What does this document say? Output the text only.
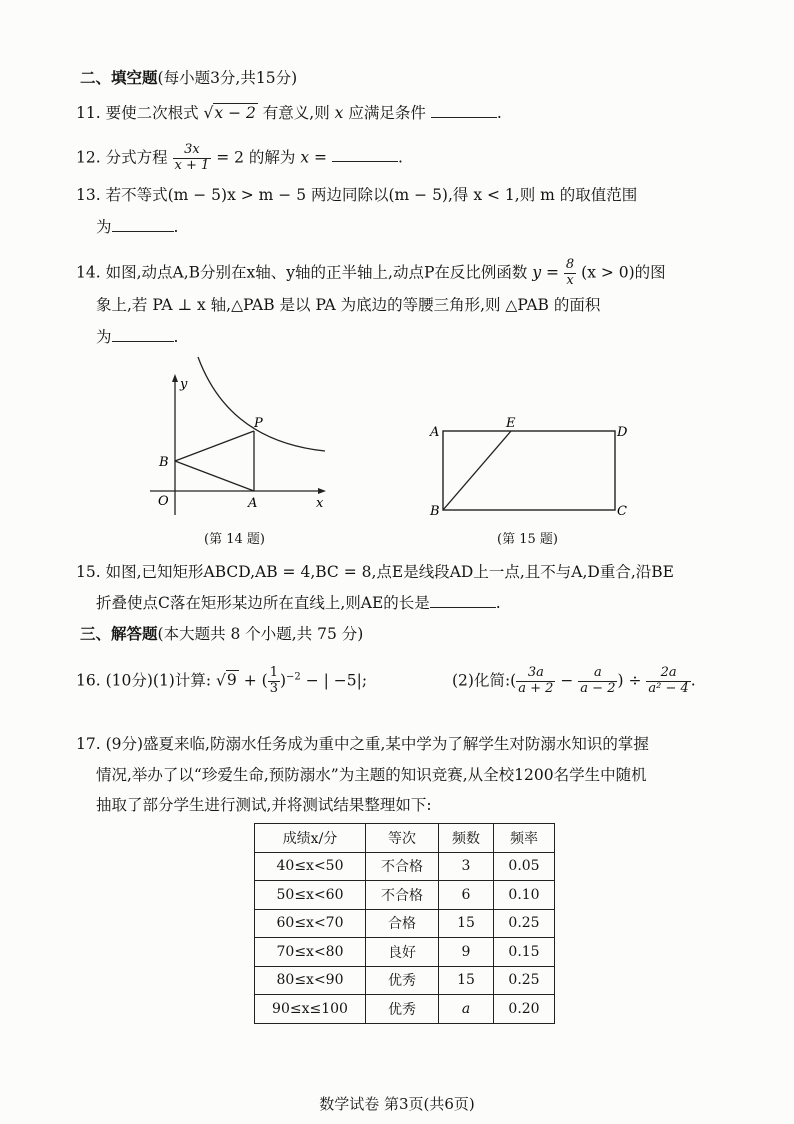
二、填空题(每小题3分,共15分)
11. 要使二次根式 √x − 2 有意义,则 x 应满足条件	.
12. 分式方程 $\frac{3x}{x + 1} = 2$ 的解为 x =	.
13. 若不等式(m − 5)x > m − 5 两边同除以(m − 5),得 x < 1,则 m 的取值范围
为	.
14. 如图,动点A,B分别在x轴、y轴的正半轴上,动点P在反比例函数 $y = \frac{8}{x} (x > 0)$的图
象上,若 PA ⊥ x 轴,△PAB 是以 PA 为底边的等腰三角形,则 △PAB 的面积
为	.
y
x
O	A
B
P
(第 14 题)
A
B	C
D
E
(第 15 题)
15. 如图,已知矩形ABCD,AB = 4,BC = 8,点E是线段AD上一点,且不与A,D重合,沿BE
折叠使点C落在矩形某边所在直线上,则AE的长是	.
三、解答题(本大题共 8 个小题,共 75 分)
16. (10分)(1)计算: √9 + ( $\frac{1}{3} )^{-2}$ − | −5|;	(2)化简:( $\frac{3a}{a + 2} - \frac{a}{a - 2}$ ) ÷ $\frac{2a}{\text{a² − 4}}$ .
17. (9分)盛夏来临,防溺水任务成为重中之重,某中学为了解学生对防溺水知识的掌握
情况,举办了以“珍爱生命,预防溺水”为主题的知识竞赛,从全校1200名学生中随机
抽取了部分学生进行测试,并将测试结果整理如下:
成绩x/分	等次	频数	频率
40≤x<50	不合格	3	0.05
50≤x<60	不合格	6	0.10
60≤x<70	合格	15	0.25
70≤x<80	良好	9	0.15
80≤x<90	优秀	15	0.25
90≤x≤100	优秀	a	0.20
数学试卷 第3页(共6页)
